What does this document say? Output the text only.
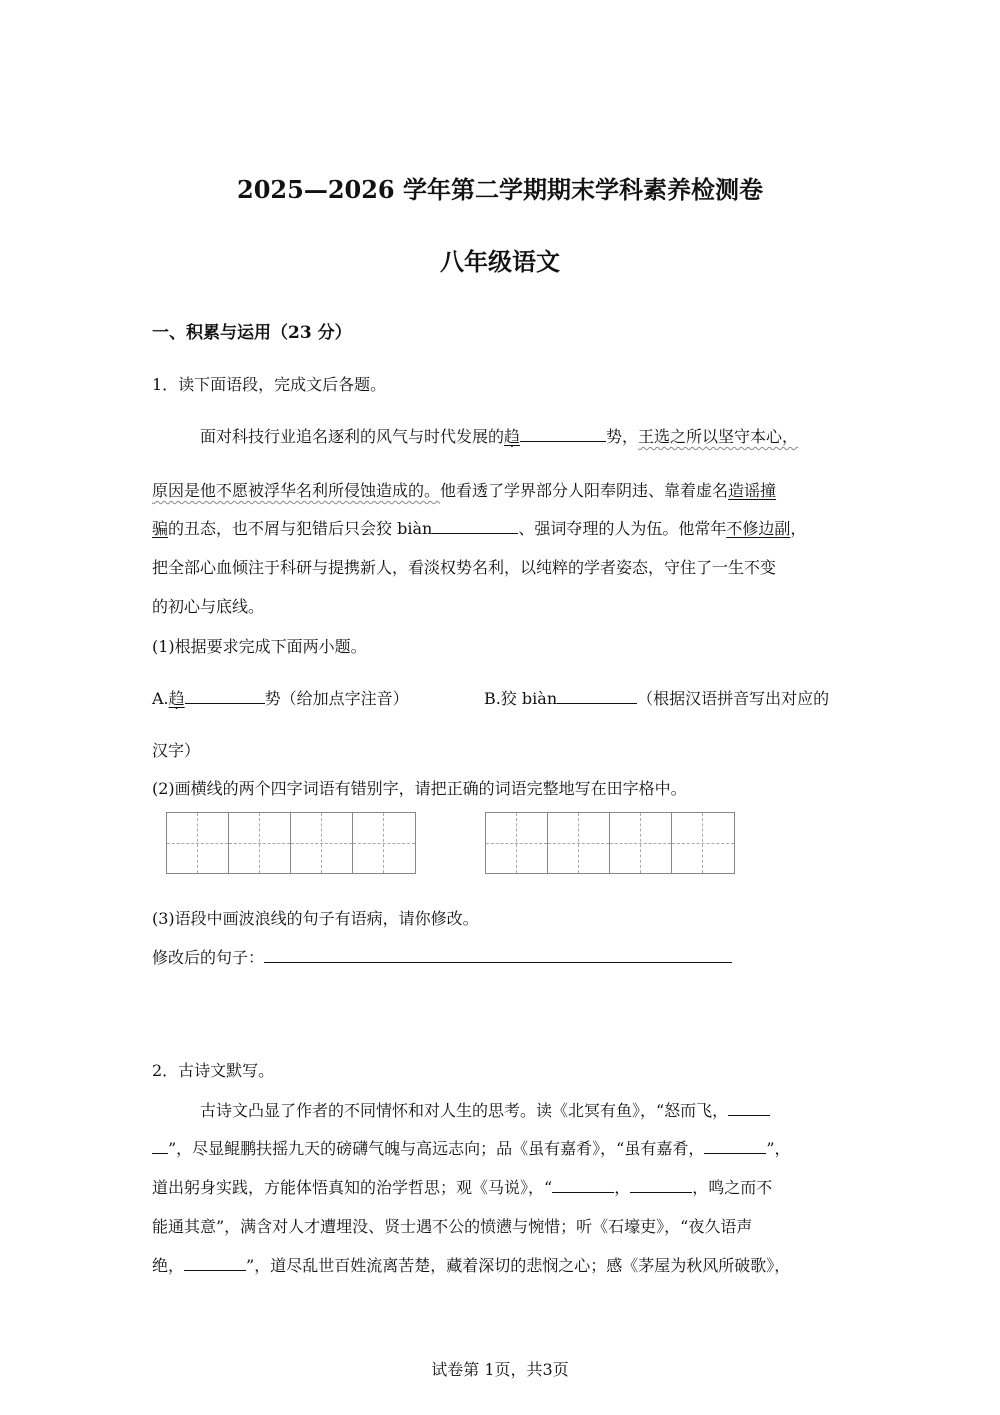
2025—2026 学年第二学期期末学科素养检测卷
八年级语文
一、积累与运用（23 分）
1．读下面语段，完成文后各题。
面对科技行业追名逐利的风气与时代发展的趋	势，王选之所以坚守本心，
原因是他不愿被浮华名利所侵蚀造成的。他看透了学界部分人阳奉阴违、靠着虚名造谣撞
骗的丑态，也不屑与犯错后只会狡 biàn	、强词夺理的人为伍。他常年不修边副，
把全部心血倾注于科研与提携新人，看淡权势名利，以纯粹的学者姿态，守住了一生不变
的初心与底线。
(1)根据要求完成下面两小题。
A.趋	势（给加点字注音）	B.狡 biàn	（根据汉语拼音写出对应的
汉字）
(2)画横线的两个四字词语有错别字，请把正确的词语完整地写在田字格中。
(3)语段中画波浪线的句子有语病，请你修改。
修改后的句子：
2．古诗文默写。
古诗文凸显了作者的不同情怀和对人生的思考。读《北冥有鱼》，“怒而飞，
”，尽显鲲鹏扶摇九天的磅礴气魄与高远志向；品《虽有嘉肴》，“虽有嘉肴，	”，
道出躬身实践，方能体悟真知的治学哲思；观《马说》，“	，	，鸣之而不
能通其意”，满含对人才遭埋没、贤士遇不公的愤懑与惋惜；听《石壕吏》，“夜久语声
绝，	”，道尽乱世百姓流离苦楚，藏着深切的悲悯之心；感《茅屋为秋风所破歌》，
试卷第 1页，共3页
